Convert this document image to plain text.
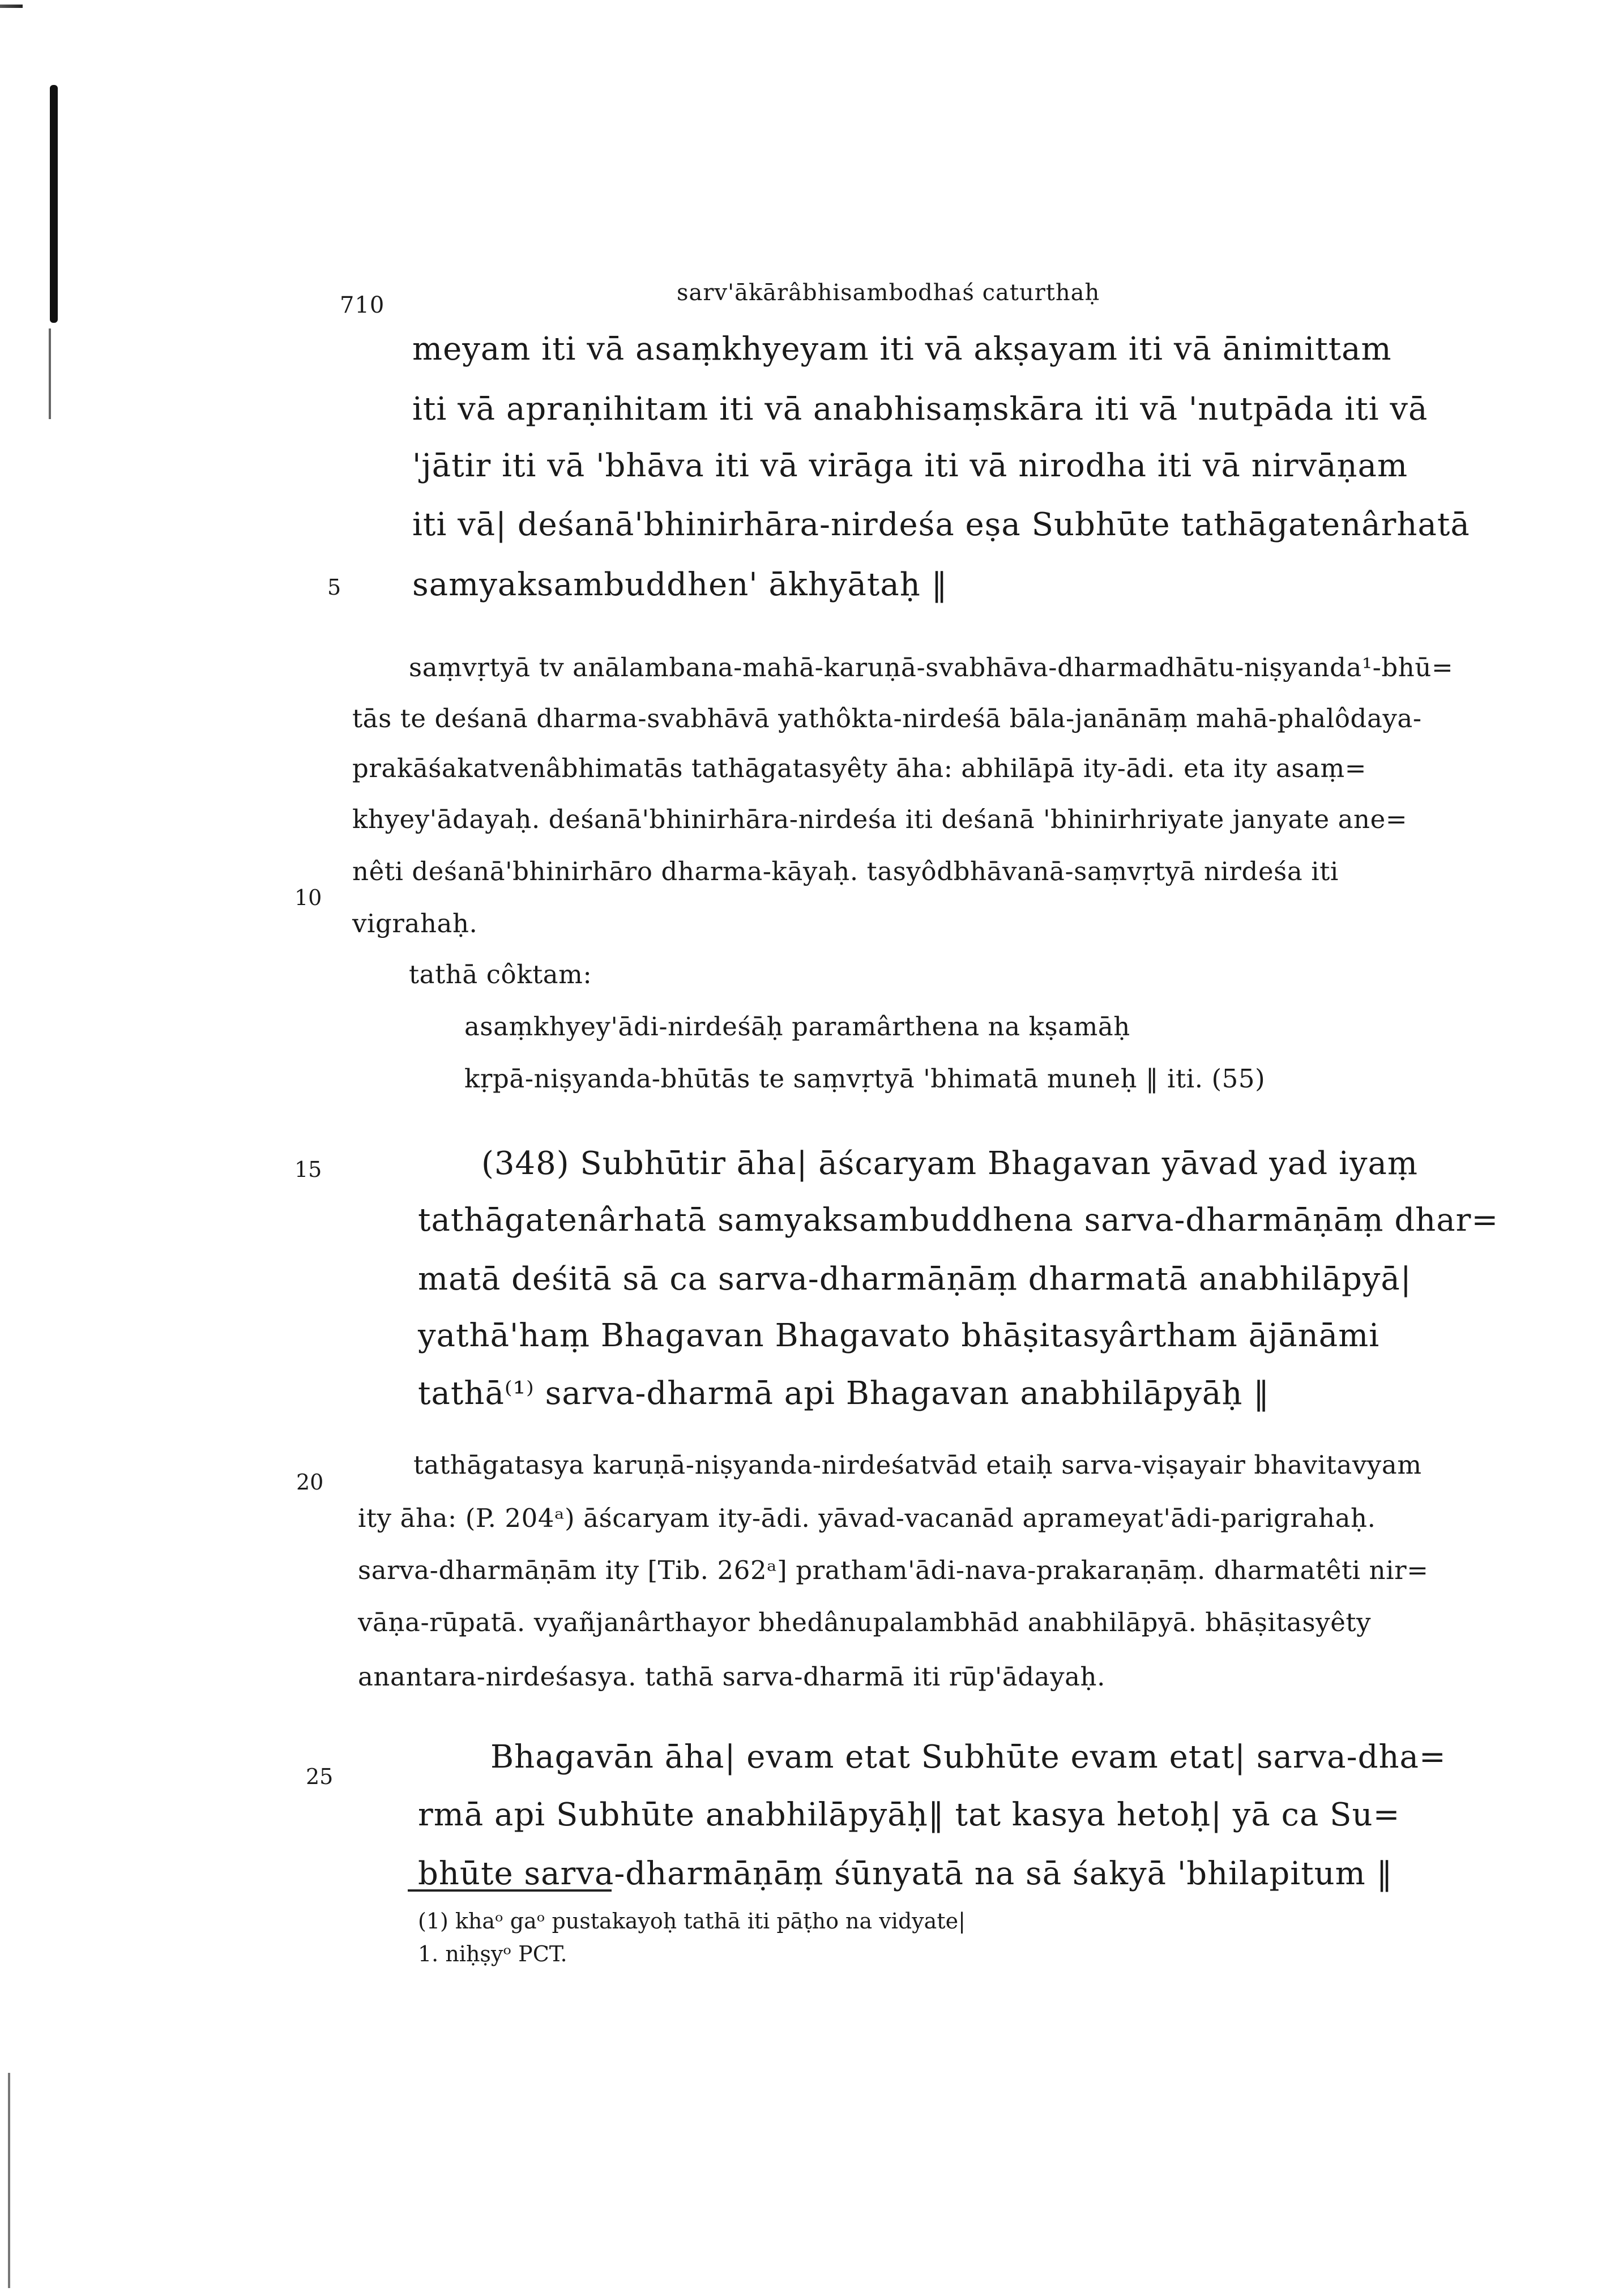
710	sarv'ākārâbhisambodhaś caturthaḥ
5
10
15
20
25
meyam iti vā asaṃkhyeyam iti vā akṣayam iti vā ānimittam
iti vā apraṇihitam iti vā anabhisaṃskāra iti vā 'nutpāda iti vā
'jātir iti vā 'bhāva iti vā virāga iti vā nirodha iti vā nirvāṇam
iti vā| deśanā'bhinirhāra-nirdeśa eṣa Subhūte tathāgatenârhatā
samyaksambuddhen' ākhyātaḥ ‖
saṃvṛtyā tv anālambana-mahā-karuṇā-svabhāva-dharmadhātu-niṣyanda¹-bhū=
tās te deśanā dharma-svabhāvā yathôkta-nirdeśā bāla-janānāṃ mahā-phalôdaya-
prakāśakatvenâbhimatās tathāgatasyêty āha: abhilāpā ity-ādi. eta ity asaṃ=
khyey'ādayaḥ. deśanā'bhinirhāra-nirdeśa iti deśanā 'bhinirhriyate janyate ane=
nêti deśanā'bhinirhāro dharma-kāyaḥ. tasyôdbhāvanā-saṃvṛtyā nirdeśa iti
vigrahaḥ.
tathā côktam:
asaṃkhyey'ādi-nirdeśāḥ paramârthena na kṣamāḥ
kṛpā-niṣyanda-bhūtās te saṃvṛtyā 'bhimatā muneḥ ‖ iti. (55)
(348) Subhūtir āha| āścaryam Bhagavan yāvad yad iyaṃ
tathāgatenârhatā samyaksambuddhena sarva-dharmāṇāṃ dhar=
matā deśitā sā ca sarva-dharmāṇāṃ dharmatā anabhilāpyā|
yathā'haṃ Bhagavan Bhagavato bhāṣitasyârtham ājānāmi
tathā⁽¹⁾ sarva-dharmā api Bhagavan anabhilāpyāḥ ‖
tathāgatasya karuṇā-niṣyanda-nirdeśatvād etaiḥ sarva-viṣayair bhavitavyam
ity āha: (P. 204ᵃ) āścaryam ity-ādi. yāvad-vacanād aprameyat'ādi-parigrahaḥ.
sarva-dharmāṇām ity [Tib. 262ᵃ] pratham'ādi-nava-prakaraṇāṃ. dharmatêti nir=
vāṇa-rūpatā. vyañjanârthayor bhedânupalambhād anabhilāpyā. bhāṣitasyêty
anantara-nirdeśasya. tathā sarva-dharmā iti rūp'ādayaḥ.
Bhagavān āha| evam etat Subhūte evam etat| sarva-dha=
rmā api Subhūte anabhilāpyāḥ‖ tat kasya hetoḥ| yā ca Su=
bhūte sarva-dharmāṇāṃ śūnyatā na sā śakyā 'bhilapitum ‖
(1) khaᵒ gaᵒ pustakayoḥ tathā iti pāṭho na vidyate|
1. niḥṣyᵒ PCT.
